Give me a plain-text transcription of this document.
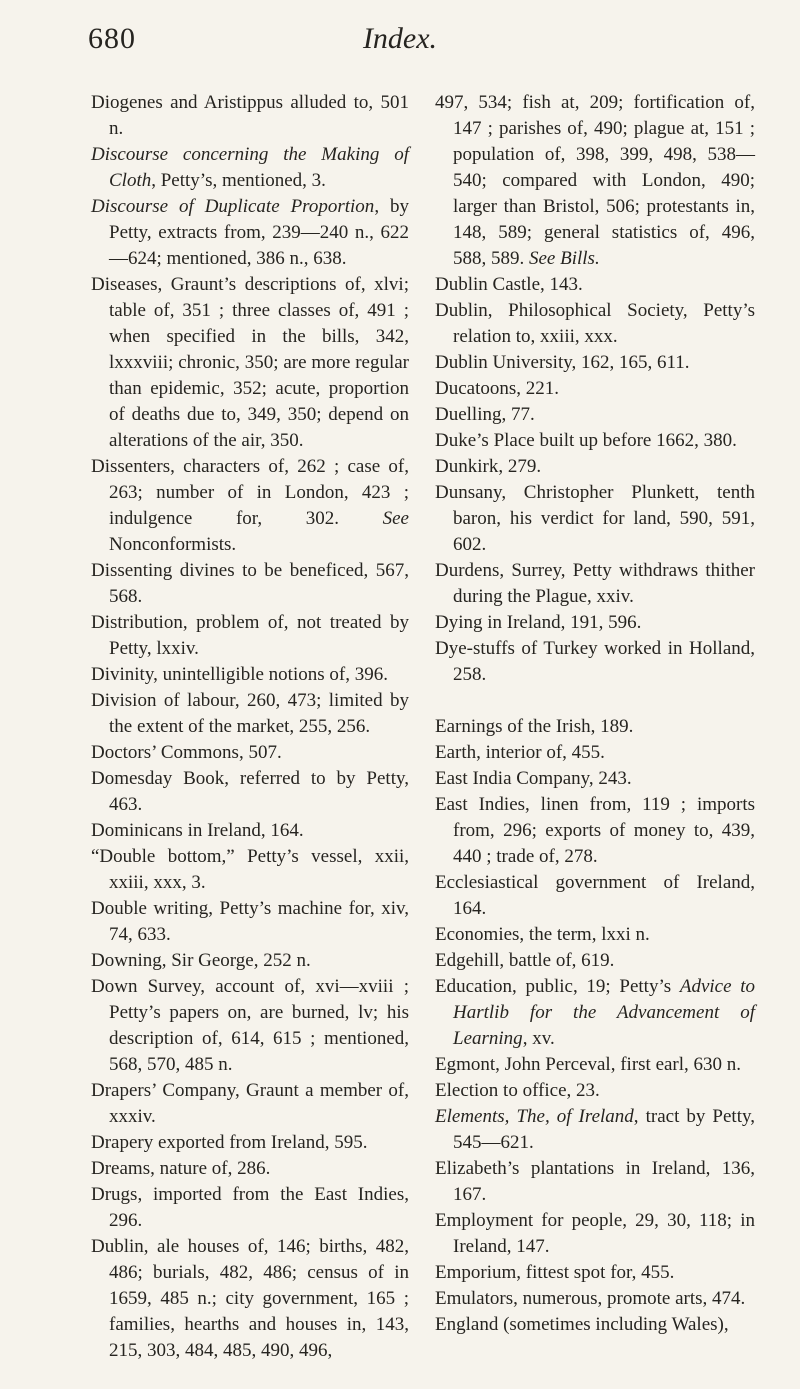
Index.
680

Diogenes and Aristippus alluded to, 501 n.

Discourse concerning the Making of Cloth, Petty’s, mentioned, 3.

Discourse of Duplicate Proportion, by Petty, extracts from, 239—240 n., 622—624; mentioned, 386 n., 638.

Diseases, Graunt’s descriptions of, xlvi; table of, 351 ; three classes of, 491 ; when specified in the bills, 342, lxxxviii; chronic, 350; are more regular than epidemic, 352; acute, proportion of deaths due to, 349, 350; depend on alterations of the air, 350.

Dissenters, characters of, 262 ; case of, 263; number of in London, 423 ; indulgence for, 302. See Nonconformists.

Dissenting divines to be beneficed, 567, 568.

Distribution, problem of, not treated by Petty, lxxiv.

Divinity, unintelligible notions of, 396.

Division of labour, 260, 473; limited by the extent of the market, 255, 256.

Doctors’ Commons, 507.

Domesday Book, referred to by Petty, 463.

Dominicans in Ireland, 164.

“Double bottom,” Petty’s vessel, xxii, xxiii, xxx, 3.

Double writing, Petty’s machine for, xiv, 74, 633.

Downing, Sir George, 252 n.

Down Survey, account of, xvi—xviii ; Petty’s papers on, are burned, lv; his description of, 614, 615 ; mentioned, 568, 570, 485 n.

Drapers’ Company, Graunt a member of, xxxiv.

Drapery exported from Ireland, 595.

Dreams, nature of, 286.

Drugs, imported from the East Indies, 296.

Dublin, ale houses of, 146; births, 482, 486; burials, 482, 486; census of in 1659, 485 n.; city government, 165 ; families, hearths and houses in, 143, 215, 303, 484, 485, 490, 496,

497, 534; fish at, 209; fortification of, 147 ; parishes of, 490; plague at, 151 ; population of, 398, 399, 498, 538—540; compared with London, 490; larger than Bristol, 506; protestants in, 148, 589; general statistics of, 496, 588, 589. See Bills.

Dublin Castle, 143.

Dublin, Philosophical Society, Petty’s relation to, xxiii, xxx.

Dublin University, 162, 165, 611.

Ducatoons, 221.

Duelling, 77.

Duke’s Place built up before 1662, 380.

Dunkirk, 279.

Dunsany, Christopher Plunkett, tenth baron, his verdict for land, 590, 591, 602.

Durdens, Surrey, Petty withdraws thither during the Plague, xxiv.

Dying in Ireland, 191, 596.

Dye-stuffs of Turkey worked in Holland, 258.

Earnings of the Irish, 189.

Earth, interior of, 455.

East India Company, 243.

East Indies, linen from, 119 ; imports from, 296; exports of money to, 439, 440 ; trade of, 278.

Ecclesiastical government of Ireland, 164.

Economies, the term, lxxi n.

Edgehill, battle of, 619.

Education, public, 19; Petty’s Advice to Hartlib for the Advancement of Learning, xv.

Egmont, John Perceval, first earl, 630 n.

Election to office, 23.

Elements, The, of Ireland, tract by Petty, 545—621.

Elizabeth’s plantations in Ireland, 136, 167.

Employment for people, 29, 30, 118; in Ireland, 147.

Emporium, fittest spot for, 455.

Emulators, numerous, promote arts, 474.

England (sometimes including Wales),
